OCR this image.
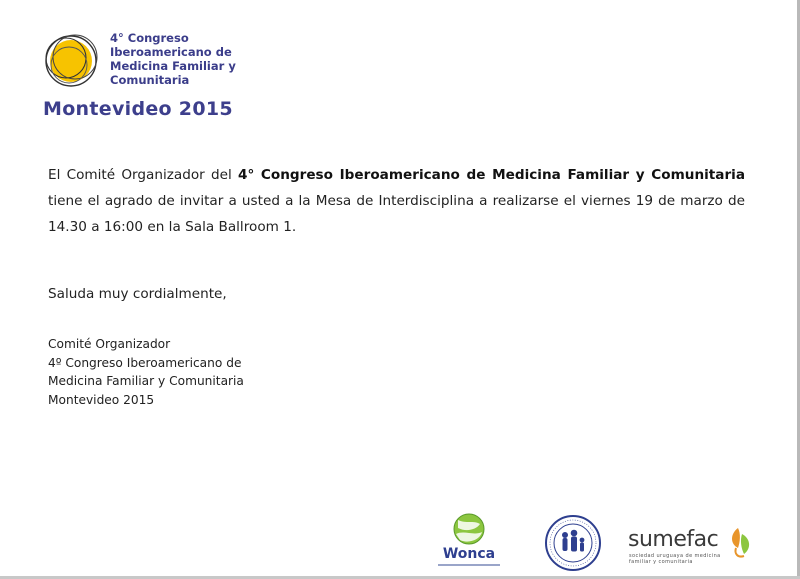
4° Congreso
Iberoamericano de
Medicina Familiar y
Comunitaria
Montevideo 2015
El Comité Organizador del 4° Congreso Iberoamericano de Medicina Familiar y Comunitaria tiene el agrado de invitar a usted a la Mesa de Interdisciplina a realizarse el viernes 19 de marzo de 14.30 a 16:00 en la Sala Ballroom 1.
Saluda muy cordialmente,
Comité Organizador
4º Congreso Iberoamericano de
Medicina Familiar y Comunitaria
Montevideo 2015
Wonca
sumefac
sociedad uruguaya de medicina familiar y comunitaria
